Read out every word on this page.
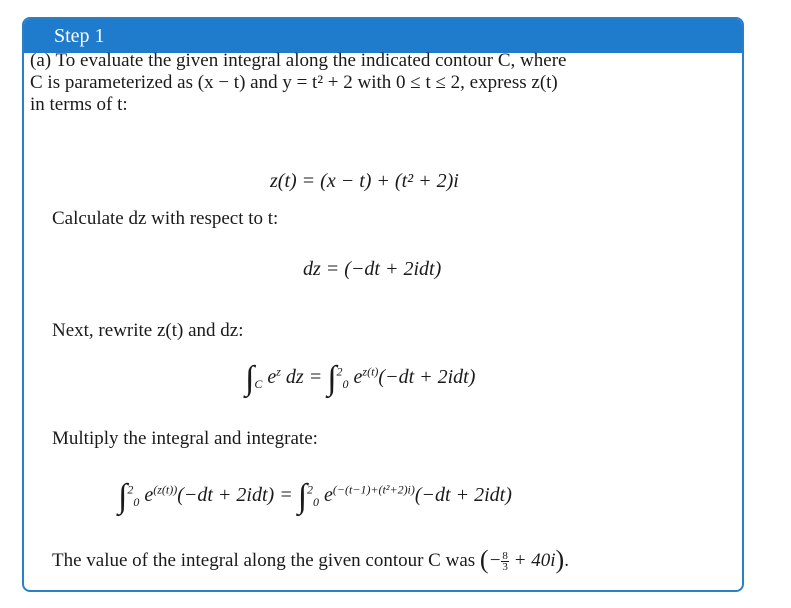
Step 1
(a) To evaluate the given integral along the indicated contour C, where
C is parameterized as (x − t) and y = t² + 2 with 0 ≤ t ≤ 2, express z(t)
in terms of t:
z(t) = (x − t) + (t² + 2)i
Calculate dz with respect to t:
dz = (−dt + 2idt)
Next, rewrite z(t) and dz:
$\int_C$ $e^z$ dz = ∫$^2_0$ $e^{z(t)}(-dt + 2idt)$
Multiply the integral and integrate:
∫$^2_0$ $e^{(z(t))}(-dt + 2idt) = \int^2_0$ $e^{(-(t-1)+(t^2+2)i)}(-dt + 2idt)$
The value of the integral along the given contour C was (− $\frac{8}{3} + 40i$).
